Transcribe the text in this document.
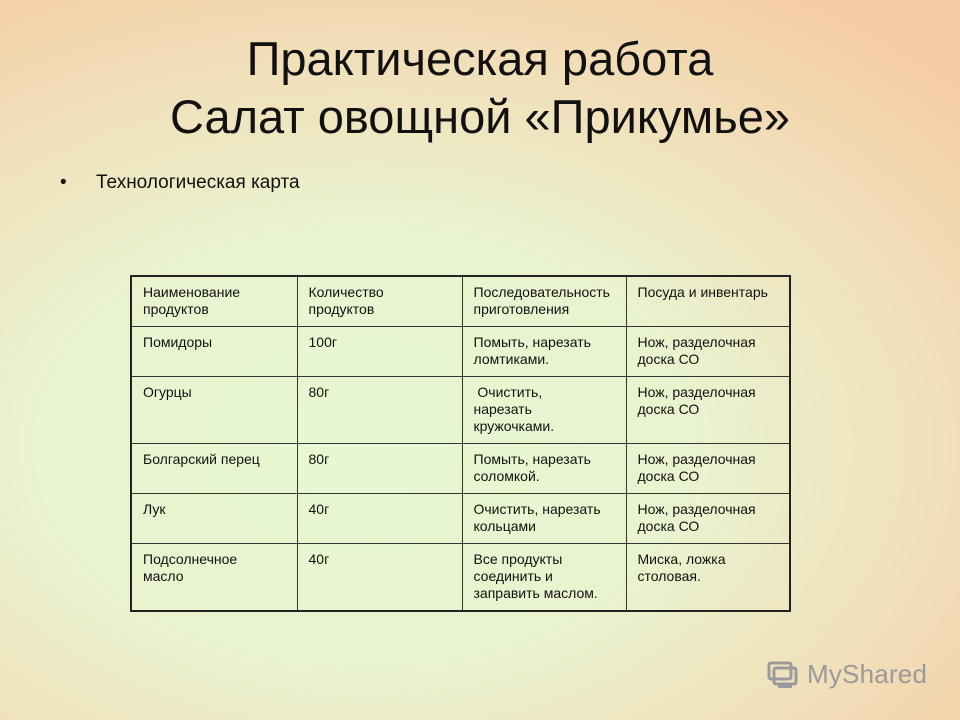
Практическая работа
Салат овощной «Прикумье»
• Технологическая карта
Наименование продуктов	Количество продуктов	Последовательность приготовления	Посуда и инвентарь
Помидоры	100г	Помыть, нарезать ломтиками.	Нож, разделочная доска СО
Огурцы	80г	Очистить, нарезать кружочками.	Нож, разделочная доска СО
Болгарский перец	80г	Помыть, нарезать соломкой.	Нож, разделочная доска СО
Лук	40г	Очистить, нарезать кольцами	Нож, разделочная доска СО
Подсолнечное масло	40г	Все продукты соединить и заправить маслом.	Миска, ложка столовая.
MyShared
